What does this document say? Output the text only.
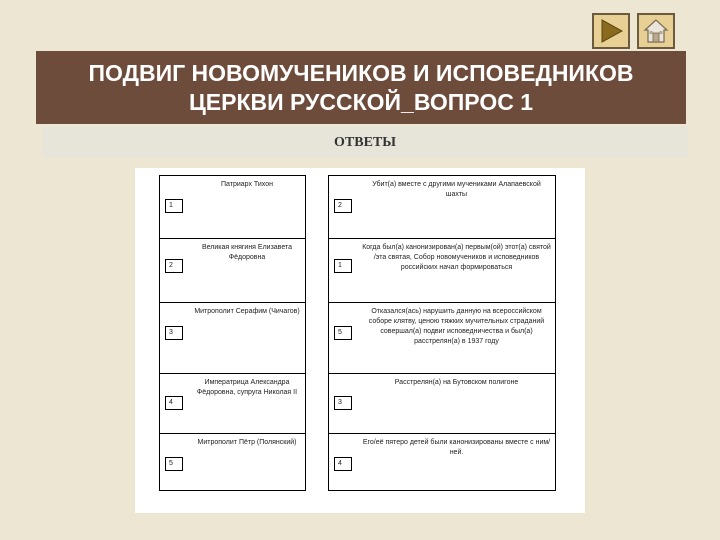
ПОДВИГ НОВОМУЧЕНИКОВ И ИСПОВЕДНИКОВ
ЦЕРКВИ РУССКОЙ_ВОПРОС 1
ОТВЕТЫ
1
Патриарх Тихон
2
Великая княгиня Елизавета Фёдоровна
3
Митрополит Серафим (Чичагов)
4
Императрица Александра Фёдоровна, супруга Николая II
5
Митрополит Пётр (Полянский)
2
Убит(а) вместе с другими мучениками Алапаевской шахты
1
Когда был(а) канонизирован(а) первым(ой) этот(а) святой /эта святая, Собор новомучеников и исповедников российских начал формироваться
5
Отказался(ась) нарушить данную на всероссийском соборе клятву, ценою тяжких мучительных страданий совершал(а) подвиг исповедничества и был(а) расстрелян(а) в 1937 году
3
Расстрелян(а) на Бутовском полигоне
4
Его/её пятеро детей были канонизированы вместе с ним/ней.
